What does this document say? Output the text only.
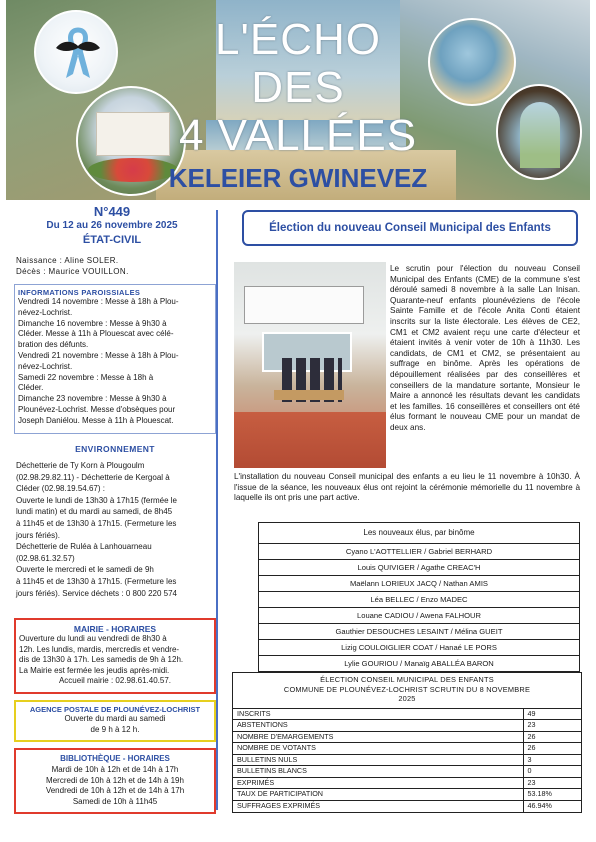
L'ÉCHO
DES
4 VALLÉES
KELEIER GWINEVEZ
N°449
Du 12 au 26 novembre 2025
ÉTAT-CIVIL
Naissance : Aline SOLER.
Décès : Maurice VOUILLON.
INFORMATIONS PAROISSIALES
Vendredi 14 novembre : Messe à 18h à Plou-
névez-Lochrist.
Dimanche 16 novembre : Messe à 9h30 à
Cléder. Messe à 11h à Plouescat avec célé-
bration des défunts.
Vendredi 21 novembre : Messe à 18h à Plou-
névez-Lochrist.
Samedi 22 novembre : Messe à 18h à
Cléder.
Dimanche 23 novembre : Messe à 9h30 à
Plounévez-Lochrist. Messe d'obsèques pour
Joseph Daniélou. Messe à 11h à Plouescat.
ENVIRONNEMENT
Déchetterie de Ty Korn à Plougoulm
(02.98.29.82.11) - Déchetterie de Kergoal à
Cléder (02.98.19.54.67) :
Ouverte le lundi de 13h30 à 17h15 (fermée le
lundi matin) et du mardi au samedi, de 8h45
à 11h45 et de 13h30 à 17h15. (Fermeture les
jours fériés).
Déchetterie de Ruléa à Lanhouarneau
(02.98.61.32.57)
Ouverte le mercredi et le samedi de 9h
à 11h45 et de 13h30 à 17h15. (Fermeture les
jours fériés). Service déchets : 0 800 220 574
MAIRIE - HORAIRES
Ouverture du lundi au vendredi de 8h30 à
12h. Les lundis, mardis, mercredis et vendre-
dis de 13h30 à 17h. Les samedis de 9h à 12h.
La Mairie est fermée les jeudis après-midi.
Accueil mairie : 02.98.61.40.57.
AGENCE POSTALE DE PLOUNÉVEZ-LOCHRIST
Ouverte du mardi au samedi
de 9 h à 12 h.
BIBLIOTHÈQUE - HORAIRES
Mardi de 10h à 12h et de 14h à 17h
Mercredi de 10h à 12h et de 14h à 19h
Vendredi de 10h à 12h et de 14h à 17h
Samedi de 10h à 11h45
Élection du nouveau Conseil Municipal des Enfants
Le scrutin pour l'élection du nouveau Conseil Municipal des Enfants (CME) de la commune s'est déroulé samedi 8 novembre à la salle Lan Inisan. Quarante-neuf enfants plounévéziens de l'école Sainte Famille et de l'école Anita Conti étaient inscrits sur la liste électorale. Les élèves de CE2, CM1 et CM2 avaient reçu une carte d'électeur et étaient invités à venir voter de 10h à 11h30. Les candidats, de CM1 et CM2, se présentaient au suffrage en binôme. Après les opérations de dépouillement réalisées par des conseillères et conseillers de la mandature sortante, Monsieur le Maire a annoncé les résultats devant les candidats et les familles. 16 conseillères et conseillers ont été élus formant le nouveau CME pour un mandat de deux ans.
L'installation du nouveau Conseil municipal des enfants a eu lieu le 11 novembre à 10h30. À l'issue de la séance, les nouveaux élus ont rejoint la cérémonie mémorielle du 11 novembre à laquelle ils ont pris une part active.
Les nouveaux élus, par binôme
Cyano L'AOTTELLIER / Gabriel BERHARD
Louis QUIVIGER / Agathe CREAC'H
Maëlann LORIEUX JACQ / Nathan AMIS
Léa BELLEC / Enzo MADEC
Louane CADIOU / Awena FALHOUR
Gauthier DESOUCHES LESAINT / Mélina GUEIT
Lizig COULOIGLIER COAT / Hanaé LE PORS
Lylie GOURIOU / Manaïg ABALLÉA BARON
ÉLECTION CONSEIL MUNICIPAL DES ENFANTS
COMMUNE DE PLOUNÉVEZ-LOCHRIST SCRUTIN DU 8 NOVEMBRE
2025
INSCRITS	49
ABSTENTIONS	23
NOMBRE D'EMARGEMENTS	26
NOMBRE DE VOTANTS	26
BULLETINS NULS	3
BULLETINS BLANCS	0
EXPRIMÉS	23
TAUX DE PARTICIPATION	53.18%
SUFFRAGES EXPRIMÉS	46.94%
